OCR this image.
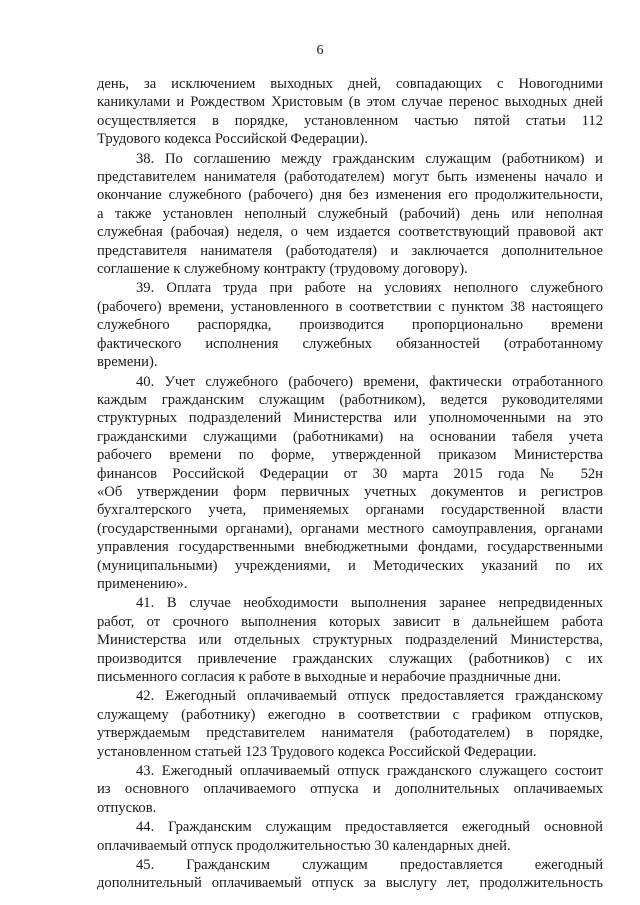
6
день, за исключением выходных дней, совпадающих с Новогодними
каникулами и Рождеством Христовым (в этом случае перенос выходных дней
осуществляется в порядке, установленном частью пятой статьи 112
Трудового кодекса Российской Федерации).
38. По соглашению между гражданским служащим (работником) и
представителем нанимателя (работодателем) могут быть изменены начало и
окончание служебного (рабочего) дня без изменения его продолжительности,
а также установлен неполный служебный (рабочий) день или неполная
служебная (рабочая) неделя, о чем издается соответствующий правовой акт
представителя нанимателя (работодателя) и заключается дополнительное
соглашение к служебному контракту (трудовому договору).
39. Оплата труда при работе на условиях неполного служебного
(рабочего) времени, установленного в соответствии с пунктом 38 настоящего
служебного распорядка, производится пропорционально времени
фактического исполнения служебных обязанностей (отработанному
времени).
40. Учет служебного (рабочего) времени, фактически отработанного
каждым гражданским служащим (работником), ведется руководителями
структурных подразделений Министерства или уполномоченными на это
гражданскими служащими (работниками) на основании табеля учета
рабочего времени по форме, утвержденной приказом Министерства
финансов Российской Федерации от 30 марта 2015 года № 52н
«Об утверждении форм первичных учетных документов и регистров
бухгалтерского учета, применяемых органами государственной власти
(государственными органами), органами местного самоуправления, органами
управления государственными внебюджетными фондами, государственными
(муниципальными) учреждениями, и Методических указаний по их
применению».
41. В случае необходимости выполнения заранее непредвиденных
работ, от срочного выполнения которых зависит в дальнейшем работа
Министерства или отдельных структурных подразделений Министерства,
производится привлечение гражданских служащих (работников) с их
письменного согласия к работе в выходные и нерабочие праздничные дни.
42. Ежегодный оплачиваемый отпуск предоставляется гражданскому
служащему (работнику) ежегодно в соответствии с графиком отпусков,
утверждаемым представителем нанимателя (работодателем) в порядке,
установленном статьей 123 Трудового кодекса Российской Федерации.
43. Ежегодный оплачиваемый отпуск гражданского служащего состоит
из основного оплачиваемого отпуска и дополнительных оплачиваемых
отпусков.
44. Гражданским служащим предоставляется ежегодный основной
оплачиваемый отпуск продолжительностью 30 календарных дней.
45. Гражданским служащим предоставляется ежегодный
дополнительный оплачиваемый отпуск за выслугу лет, продолжительность
